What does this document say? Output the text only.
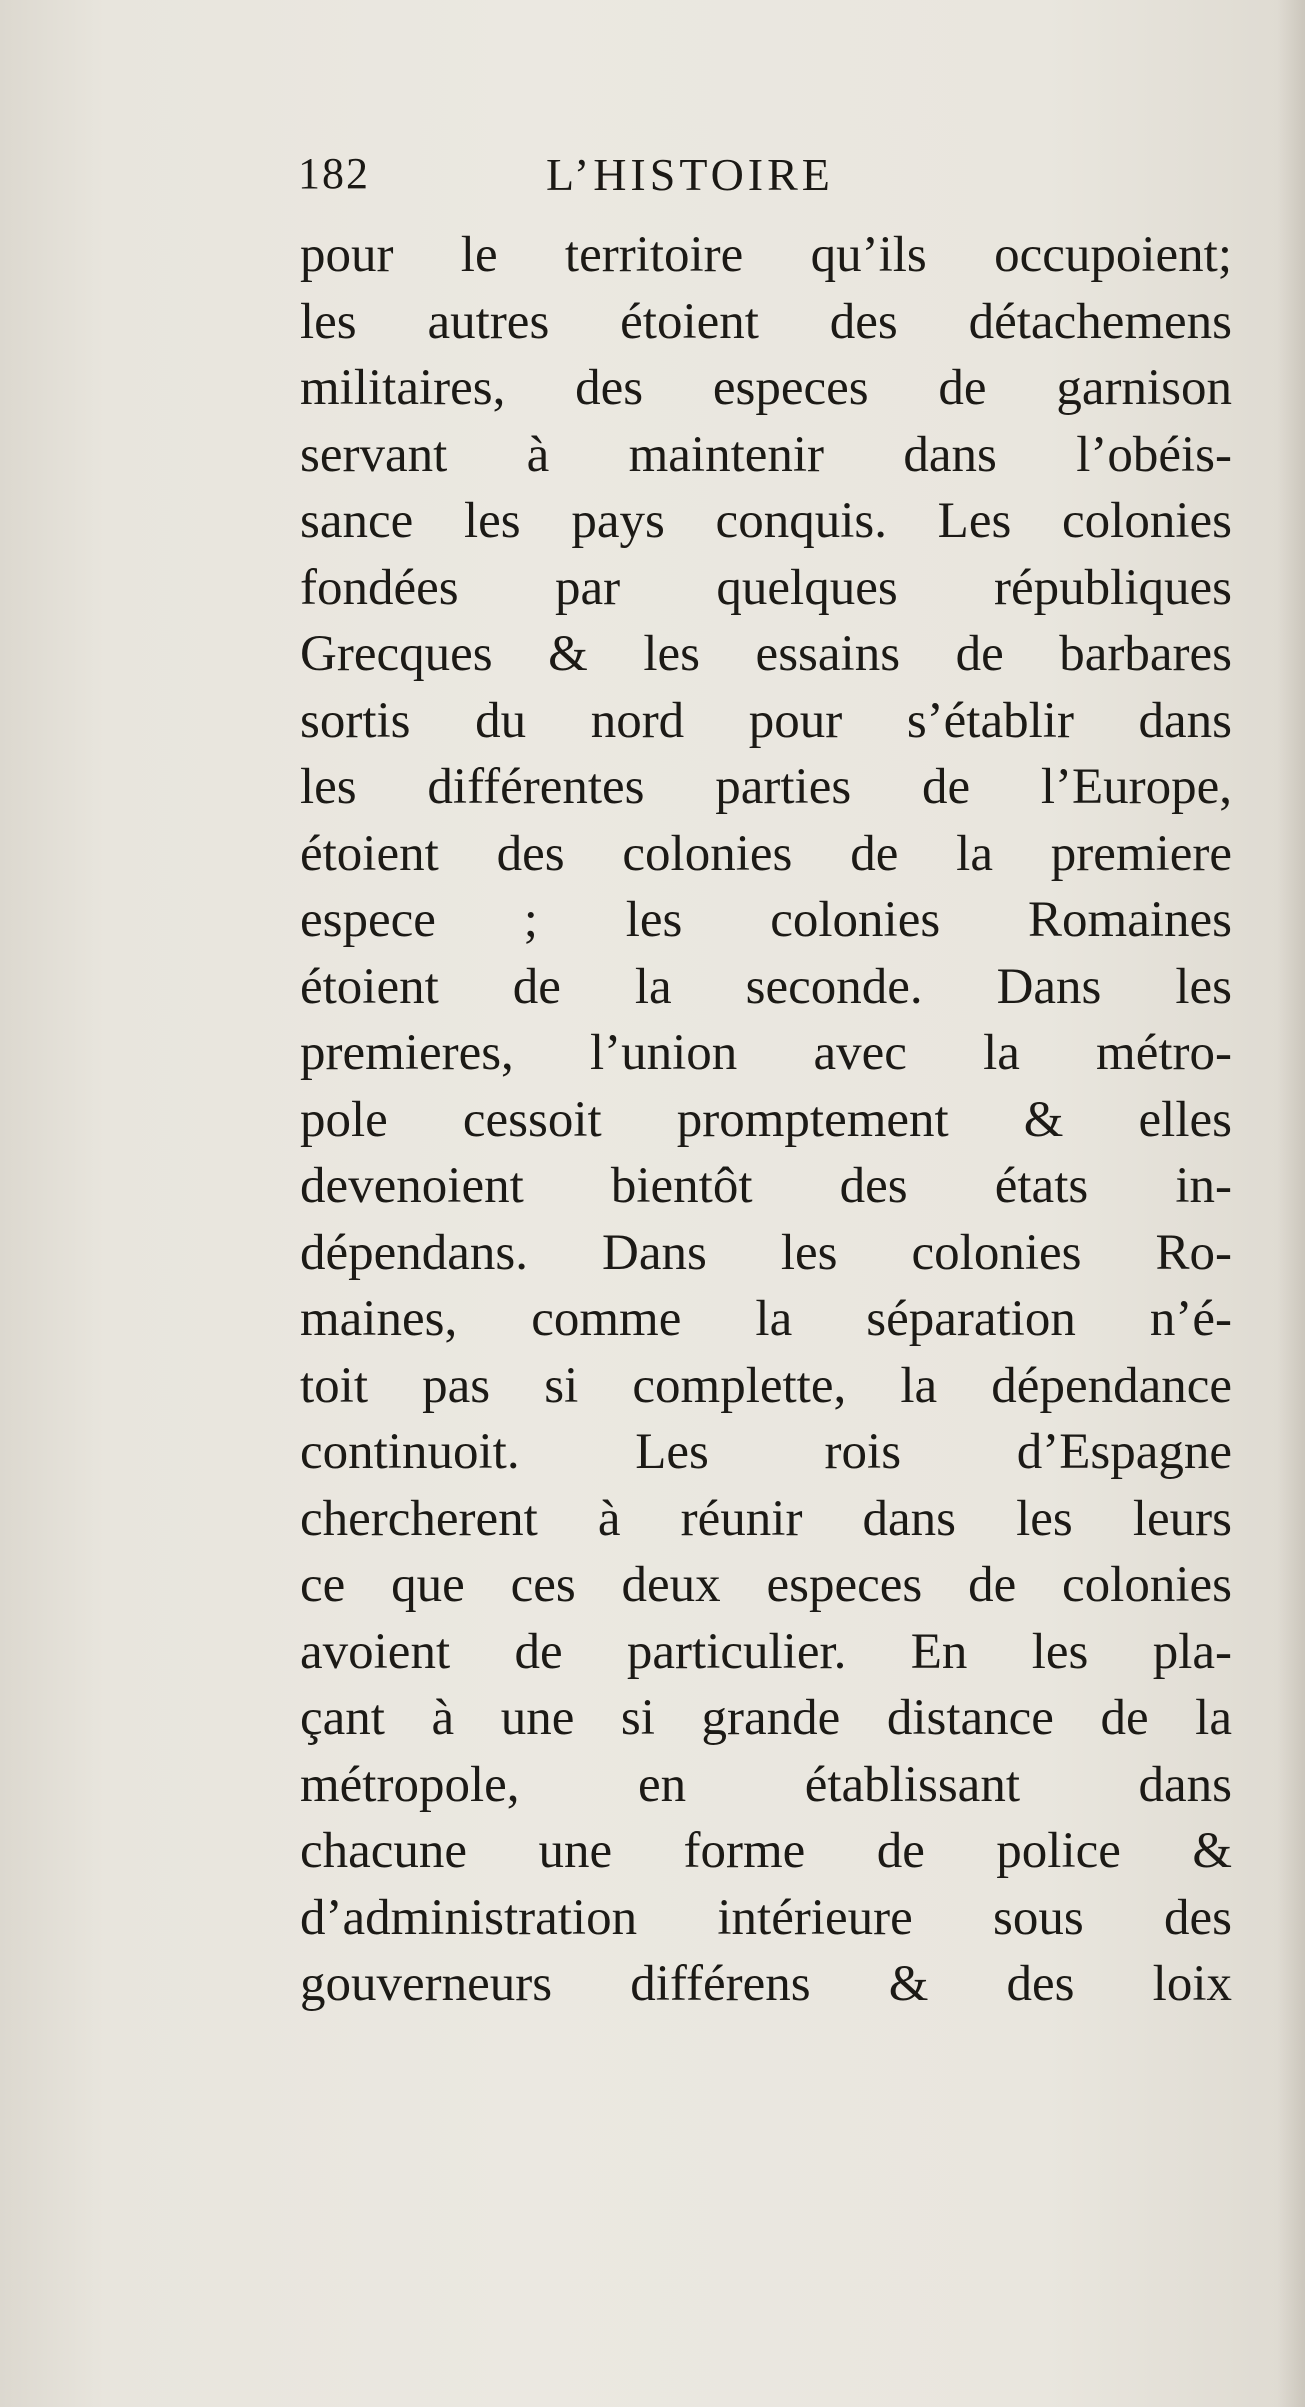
182	L’HISTOIRE
pour le territoire qu’ils occupoient;
les autres étoient des détachemens
militaires, des especes de garnison
servant à maintenir dans l’obéis-
sance les pays conquis. Les colonies
fondées par quelques républiques
Grecques & les essains de barbares
sortis du nord pour s’établir dans
les différentes parties de l’Europe,
étoient des colonies de la premiere
espece ; les colonies Romaines
étoient de la seconde. Dans les
premieres, l’union avec la métro-
pole cessoit promptement & elles
devenoient bientôt des états in-
dépendans. Dans les colonies Ro-
maines, comme la séparation n’é-
toit pas si complette, la dépendance
continuoit. Les rois d’Espagne
chercherent à réunir dans les leurs
ce que ces deux especes de colonies
avoient de particulier. En les pla-
çant à une si grande distance de la
métropole, en établissant dans
chacune une forme de police &
d’administration intérieure sous des
gouverneurs différens & des loix
